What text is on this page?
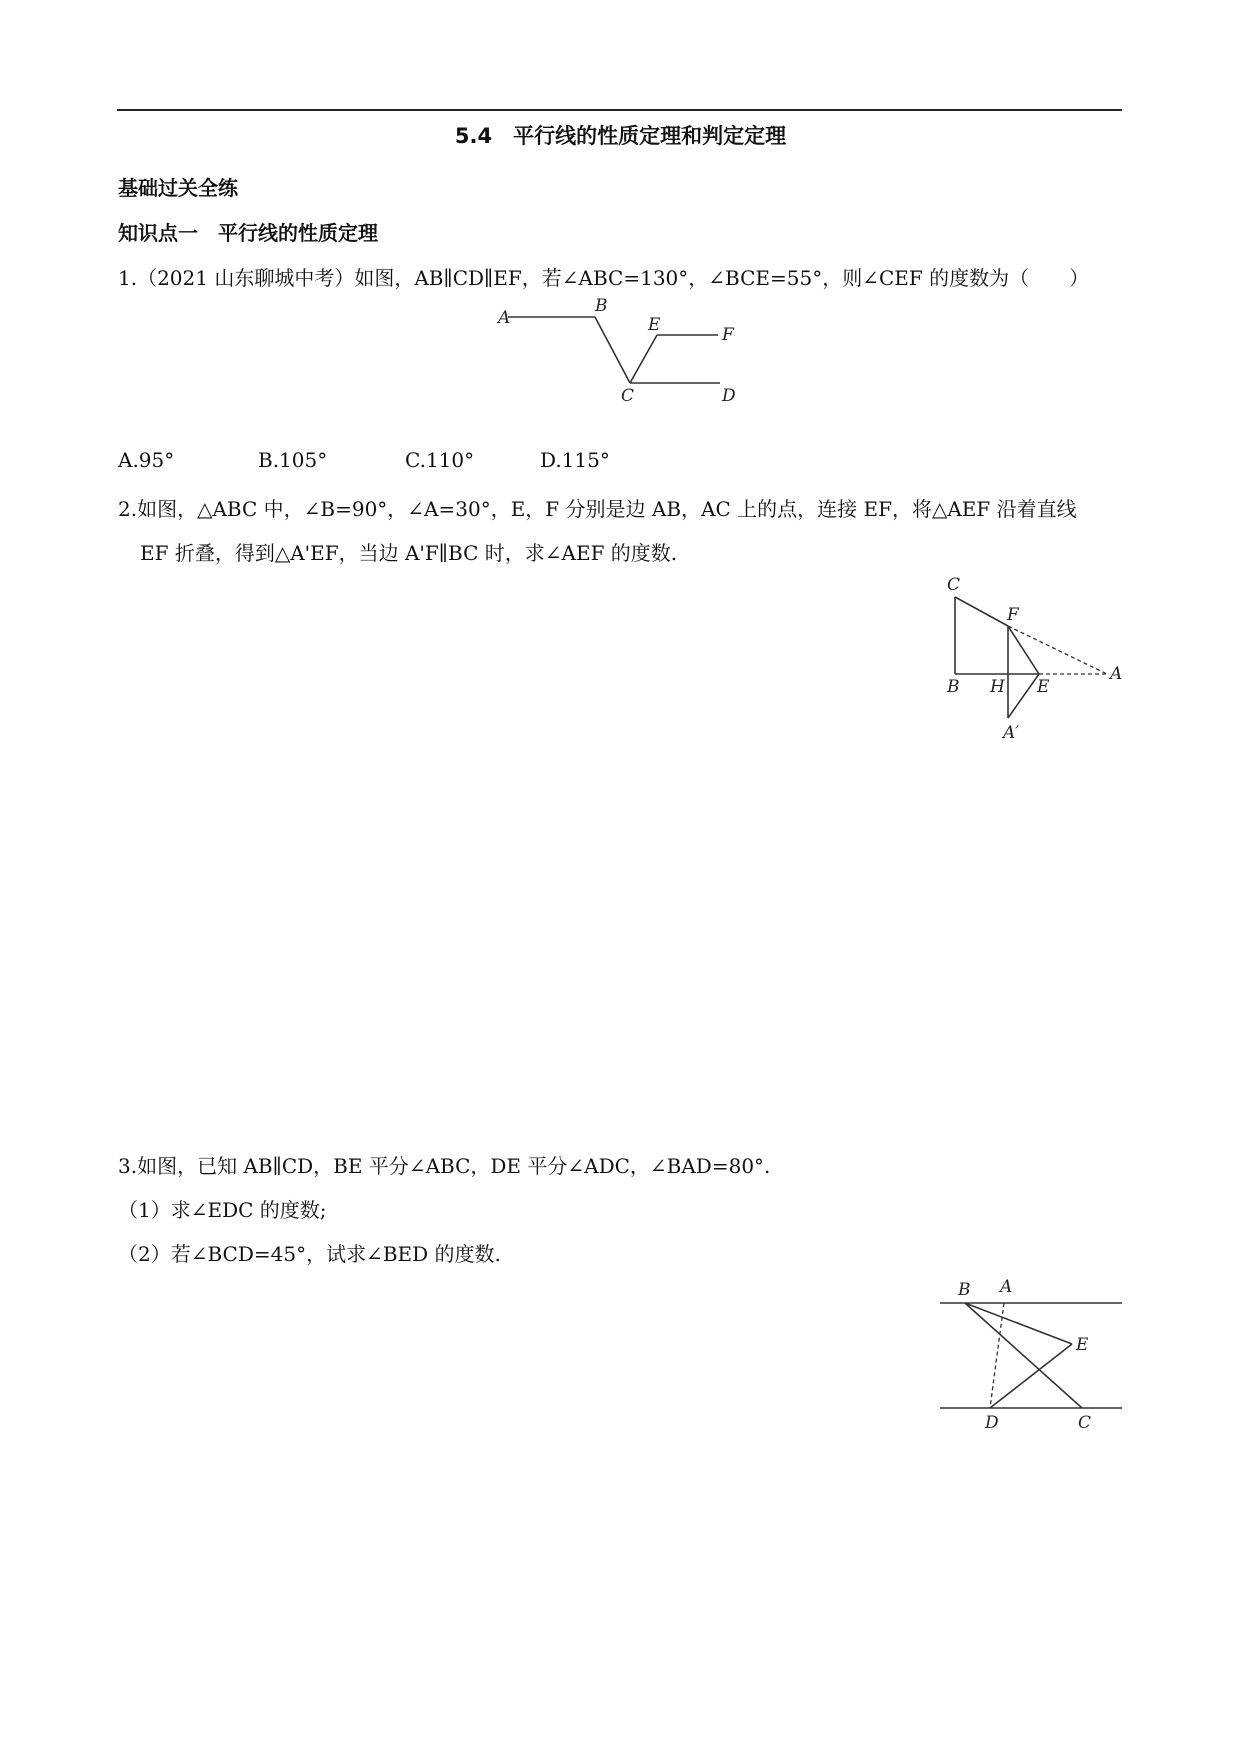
5.4　平行线的性质定理和判定定理
基础过关全练
知识点一　平行线的性质定理
1.（2021 山东聊城中考）如图，AB∥CD∥EF，若∠ABC=130°，∠BCE=55°，则∠CEF 的度数为（　　）
A
B
E	F
C	D
A.95°	B.105°	C.110°	D.115°
2.如图，△ABC 中，∠B=90°，∠A=30°，E，F 分别是边 AB，AC 上的点，连接 EF，将△AEF 沿着直线
EF 折叠，得到△A'EF，当边 A'F∥BC 时，求∠AEF 的度数.
C
F
B H E
A
A′
3.如图，已知 AB∥CD，BE 平分∠ABC，DE 平分∠ADC，∠BAD=80°.
（1）求∠EDC 的度数;
（2）若∠BCD=45°，试求∠BED 的度数.
B A
E
D	C
